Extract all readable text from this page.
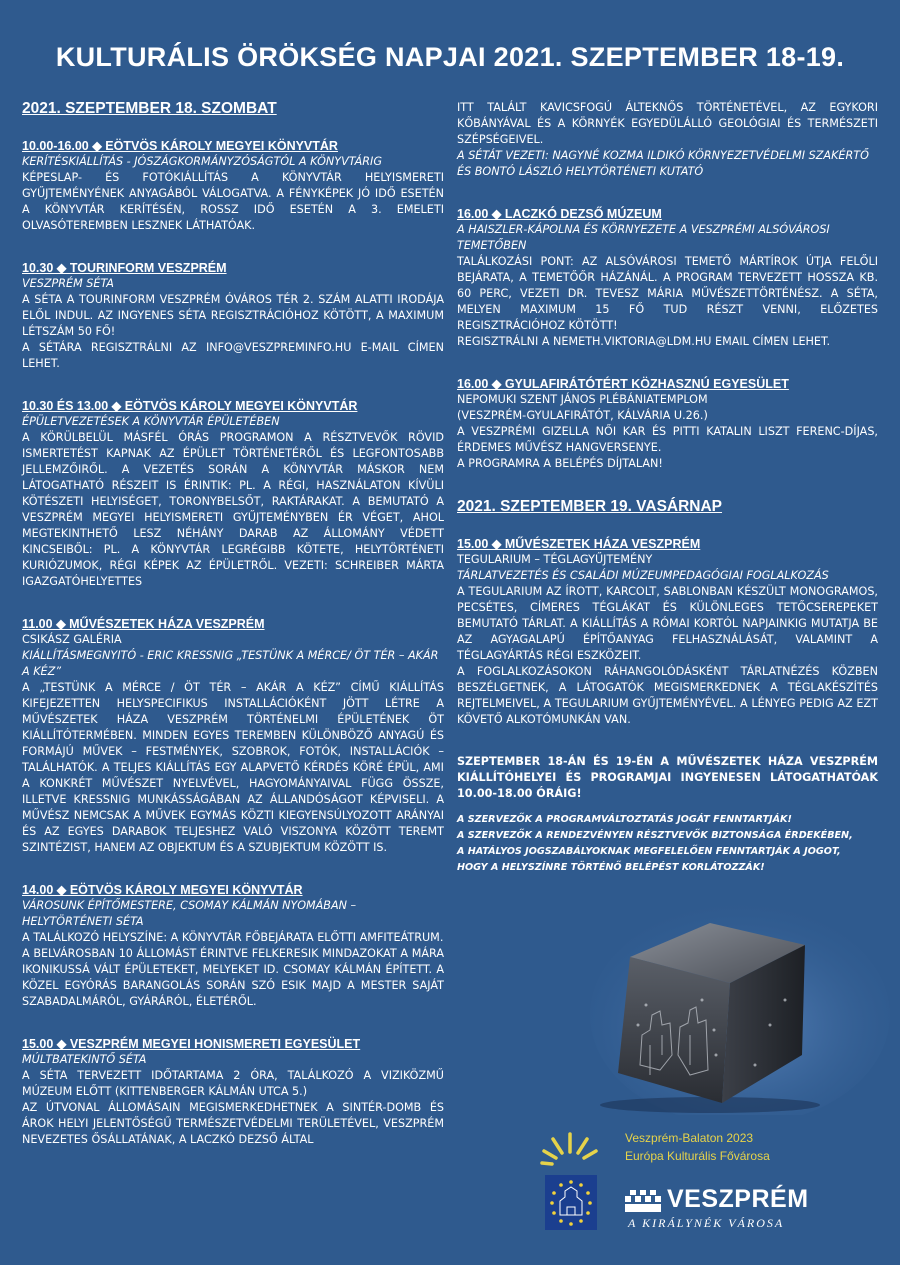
KULTURÁLIS ÖRÖKSÉG NAPJAI 2021. SZEPTEMBER 18-19.
2021. SZEPTEMBER 18. SZOMBAT
10.00-16.00 ◆ EÖTVÖS KÁROLY MEGYEI KÖNYVTÁR
KERÍTÉSKIÁLLÍTÁS - JÓSZÁGKORMÁNYZÓSÁGTÓL A KÖNYVTÁRIG
KÉPESLAP- ÉS FOTÓKIÁLLÍTÁS A KÖNYVTÁR HELYISMERETI GYŰJTEMÉNYÉNEK ANYAGÁBÓL VÁLOGATVA. A FÉNYKÉPEK JÓ IDŐ ESETÉN A KÖNYVTÁR KERÍTÉSÉN, ROSSZ IDŐ ESETÉN A 3. EMELETI OLVASÓTEREMBEN LESZNEK LÁTHATÓAK.
10.30 ◆ TOURINFORM VESZPRÉM
VESZPRÉM SÉTA
A SÉTA A TOURINFORM VESZPRÉM ÓVÁROS TÉR 2. SZÁM ALATTI IRODÁJA ELŐL INDUL. AZ INGYENES SÉTA REGISZTRÁCIÓHOZ KÖTÖTT, A MAXIMUM LÉTSZÁM 50 FŐ!
A SÉTÁRA REGISZTRÁLNI AZ INFO@VESZPREMINFO.HU E-MAIL CÍMEN LEHET.
10.30 ÉS 13.00 ◆ EÖTVÖS KÁROLY MEGYEI KÖNYVTÁR
ÉPÜLETVEZETÉSEK A KÖNYVTÁR ÉPÜLETÉBEN
A KÖRÜLBELÜL MÁSFÉL ÓRÁS PROGRAMON A RÉSZTVEVŐK RÖVID ISMERTETÉST KAPNAK AZ ÉPÜLET TÖRTÉNETÉRŐL ÉS LEGFONTOSABB JELLEMZŐIRŐL. A VEZETÉS SORÁN A KÖNYVTÁR MÁSKOR NEM LÁTOGATHATÓ RÉSZEIT IS ÉRINTIK: PL. A RÉGI, HASZNÁLATON KÍVÜLI KÖTÉSZETI HELYISÉGET, TORONYBELSŐT, RAKTÁRAKAT. A BEMUTATÓ A VESZPRÉM MEGYEI HELYISMERETI GYŰJTEMÉNYBEN ÉR VÉGET, AHOL MEGTEKINTHETŐ LESZ NÉHÁNY DARAB AZ ÁLLOMÁNY VÉDETT KINCSEIBŐL: PL. A KÖNYVTÁR LEGRÉGIBB KÖTETE, HELYTÖRTÉNETI KURIÓZUMOK, RÉGI KÉPEK AZ ÉPÜLETRŐL. VEZETI: SCHREIBER MÁRTA IGAZGATÓHELYETTES
11.00 ◆ MŰVÉSZETEK HÁZA VESZPRÉM
CSIKÁSZ GALÉRIA
KIÁLLÍTÁSMEGNYITÓ - ERIC KRESSNIG „TESTÜNK A MÉRCE/ ÖT TÉR – AKÁR A KÉZ”
A „TESTÜNK A MÉRCE / ÖT TÉR – AKÁR A KÉZ” CÍMŰ KIÁLLÍTÁS KIFEJEZETTEN HELYSPECIFIKUS INSTALLÁCIÓKÉNT JÖTT LÉTRE A MŰVÉSZETEK HÁZA VESZPRÉM TÖRTÉNELMI ÉPÜLETÉNEK ÖT KIÁLLÍTÓTERMÉBEN. MINDEN EGYES TEREMBEN KÜLÖNBÖZŐ ANYAGÚ ÉS FORMÁJÚ MŰVEK – FESTMÉNYEK, SZOBROK, FOTÓK, INSTALLÁCIÓK – TALÁLHATÓK. A TELJES KIÁLLÍTÁS EGY ALAPVETŐ KÉRDÉS KÖRÉ ÉPÜL, AMI A KONKRÉT MŰVÉSZET NYELVÉVEL, HAGYOMÁNYAIVAL FÜGG ÖSSZE, ILLETVE KRESSNIG MUNKÁSSÁGÁBAN AZ ÁLLANDÓSÁGOT KÉPVISELI. A MŰVÉSZ NEMCSAK A MŰVEK EGYMÁS KÖZTI KIEGYENSÚLYOZOTT ARÁNYAI ÉS AZ EGYES DARABOK TELJESHEZ VALÓ VISZONYA KÖZÖTT TEREMT SZINTÉZIST, HANEM AZ OBJEKTUM ÉS A SZUBJEKTUM KÖZÖTT IS.
14.00 ◆ EÖTVÖS KÁROLY MEGYEI KÖNYVTÁR
VÁROSUNK ÉPÍTŐMESTERE, CSOMAY KÁLMÁN NYOMÁBAN – HELYTÖRTÉNETI SÉTA
A TALÁLKOZÓ HELYSZÍNE: A KÖNYVTÁR FŐBEJÁRATA ELŐTTI AMFITEÁTRUM.
A BELVÁROSBAN 10 ÁLLOMÁST ÉRINTVE FELKERESIK MINDAZOKAT A MÁRA IKONIKUSSÁ VÁLT ÉPÜLETEKET, MELYEKET ID. CSOMAY KÁLMÁN ÉPÍTETT. A KÖZEL EGYÓRÁS BARANGOLÁS SORÁN SZÓ ESIK MAJD A MESTER SAJÁT SZABADALMÁRÓL, GYÁRÁRÓL, ÉLETÉRŐL.
15.00 ◆ VESZPRÉM MEGYEI HONISMERETI EGYESÜLET
MÚLTBATEKINTŐ SÉTA
A SÉTA TERVEZETT IDŐTARTAMA 2 ÓRA, TALÁLKOZÓ A VIZIKÖZMŰ MÚZEUM ELŐTT (KITTENBERGER KÁLMÁN UTCA 5.)
AZ ÚTVONAL ÁLLOMÁSAIN MEGISMERKEDHETNEK A SINTÉR-DOMB ÉS ÁROK HELYI JELENTŐSÉGŰ TERMÉSZETVÉDELMI TERÜLETÉVEL, VESZPRÉM NEVEZETES ŐSÁLLATÁNAK, A LACZKÓ DEZSŐ ÁLTAL
ITT TALÁLT KAVICSFOGÚ ÁLTEKNŐS TÖRTÉNETÉVEL, AZ EGYKORI KŐBÁNYÁVAL ÉS A KÖRNYÉK EGYEDÜLÁLLÓ GEOLÓGIAI ÉS TERMÉSZETI SZÉPSÉGEIVEL.
A SÉTÁT VEZETI: NAGYNÉ KOZMA ILDIKÓ KÖRNYEZETVÉDELMI SZAKÉRTŐ ÉS BONTÓ LÁSZLÓ HELYTÖRTÉNETI KUTATÓ
16.00 ◆ LACZKÓ DEZSŐ MÚZEUM
A HAISZLER-KÁPOLNA ÉS KÖRNYEZETE A VESZPRÉMI ALSÓVÁROSI TEMETŐBEN
TALÁLKOZÁSI PONT: AZ ALSÓVÁROSI TEMETŐ MÁRTÍROK ÚTJA FELŐLI BEJÁRATA, A TEMETŐŐR HÁZÁNÁL. A PROGRAM TERVEZETT HOSSZA KB. 60 PERC, VEZETI DR. TEVESZ MÁRIA MŰVÉSZETTÖRTÉNÉSZ. A SÉTA, MELYEN MAXIMUM 15 FŐ TUD RÉSZT VENNI, ELŐZETES REGISZTRÁCIÓHOZ KÖTÖTT!
REGISZTRÁLNI A NEMETH.VIKTORIA@LDM.HU EMAIL CÍMEN LEHET.
16.00 ◆ GYULAFIRÁTÓTÉRT KÖZHASZNÚ EGYESÜLET
NEPOMUKI SZENT JÁNOS PLÉBÁNIATEMPLOM
(VESZPRÉM-GYULAFIRÁTÓT, KÁLVÁRIA U.26.)
A VESZPRÉMI GIZELLA NŐI KAR ÉS PITTI KATALIN LISZT FERENC-DÍJAS, ÉRDEMES MŰVÉSZ HANGVERSENYE.
A PROGRAMRA A BELÉPÉS DÍJTALAN!
2021. SZEPTEMBER 19. VASÁRNAP
15.00 ◆ MŰVÉSZETEK HÁZA VESZPRÉM
TEGULARIUM – TÉGLAGYŰJTEMÉNY
TÁRLATVEZETÉS ÉS CSALÁDI MÚZEUMPEDAGÓGIAI FOGLALKOZÁS
A TEGULARIUM AZ ÍROTT, KARCOLT, SABLONBAN KÉSZÜLT MONOGRAMOS, PECSÉTES, CÍMERES TÉGLÁKAT ÉS KÜLÖNLEGES TETŐCSEREPEKET BEMUTATÓ TÁRLAT. A KIÁLLÍTÁS A RÓMAI KORTÓL NAPJAINKIG MUTATJA BE AZ AGYAGALAPÚ ÉPÍTŐANYAG FELHASZNÁLÁSÁT, VALAMINT A TÉGLAGYÁRTÁS RÉGI ESZKÖZEIT.
A FOGLALKOZÁSOKON RÁHANGOLÓDÁSKÉNT TÁRLATNÉZÉS KÖZBEN BESZÉLGETNEK, A LÁTOGATÓK MEGISMERKEDNEK A TÉGLAKÉSZÍTÉS REJTELMEIVEL, A TEGULARIUM GYŰJTEMÉNYÉVEL. A LÉNYEG PEDIG AZ EZT KÖVETŐ ALKOTÓMUNKÁN VAN.
SZEPTEMBER 18-ÁN ÉS 19-ÉN A MŰVÉSZETEK HÁZA VESZPRÉM KIÁLLÍTÓHELYEI ÉS PROGRAMJAI INGYENESEN LÁTOGATHATÓAK 10.00-18.00 ÓRÁIG!
A SZERVEZŐK A PROGRAMVÁLTOZTATÁS JOGÁT FENNTARTJÁK!
A SZERVEZŐK A RENDEZVÉNYEN RÉSZTVEVŐK BIZTONSÁGA ÉRDEKÉBEN,
A HATÁLYOS JOGSZABÁLYOKNAK MEGFELELŐEN FENNTARTJÁK A JOGOT,
HOGY A HELYSZÍNRE TÖRTÉNŐ BELÉPÉST KORLÁTOZZÁK!
Veszprém-Balaton 2023
Európa Kulturális Fővárosa
VESZPRÉM
A KIRÁLYNÉK VÁROSA
